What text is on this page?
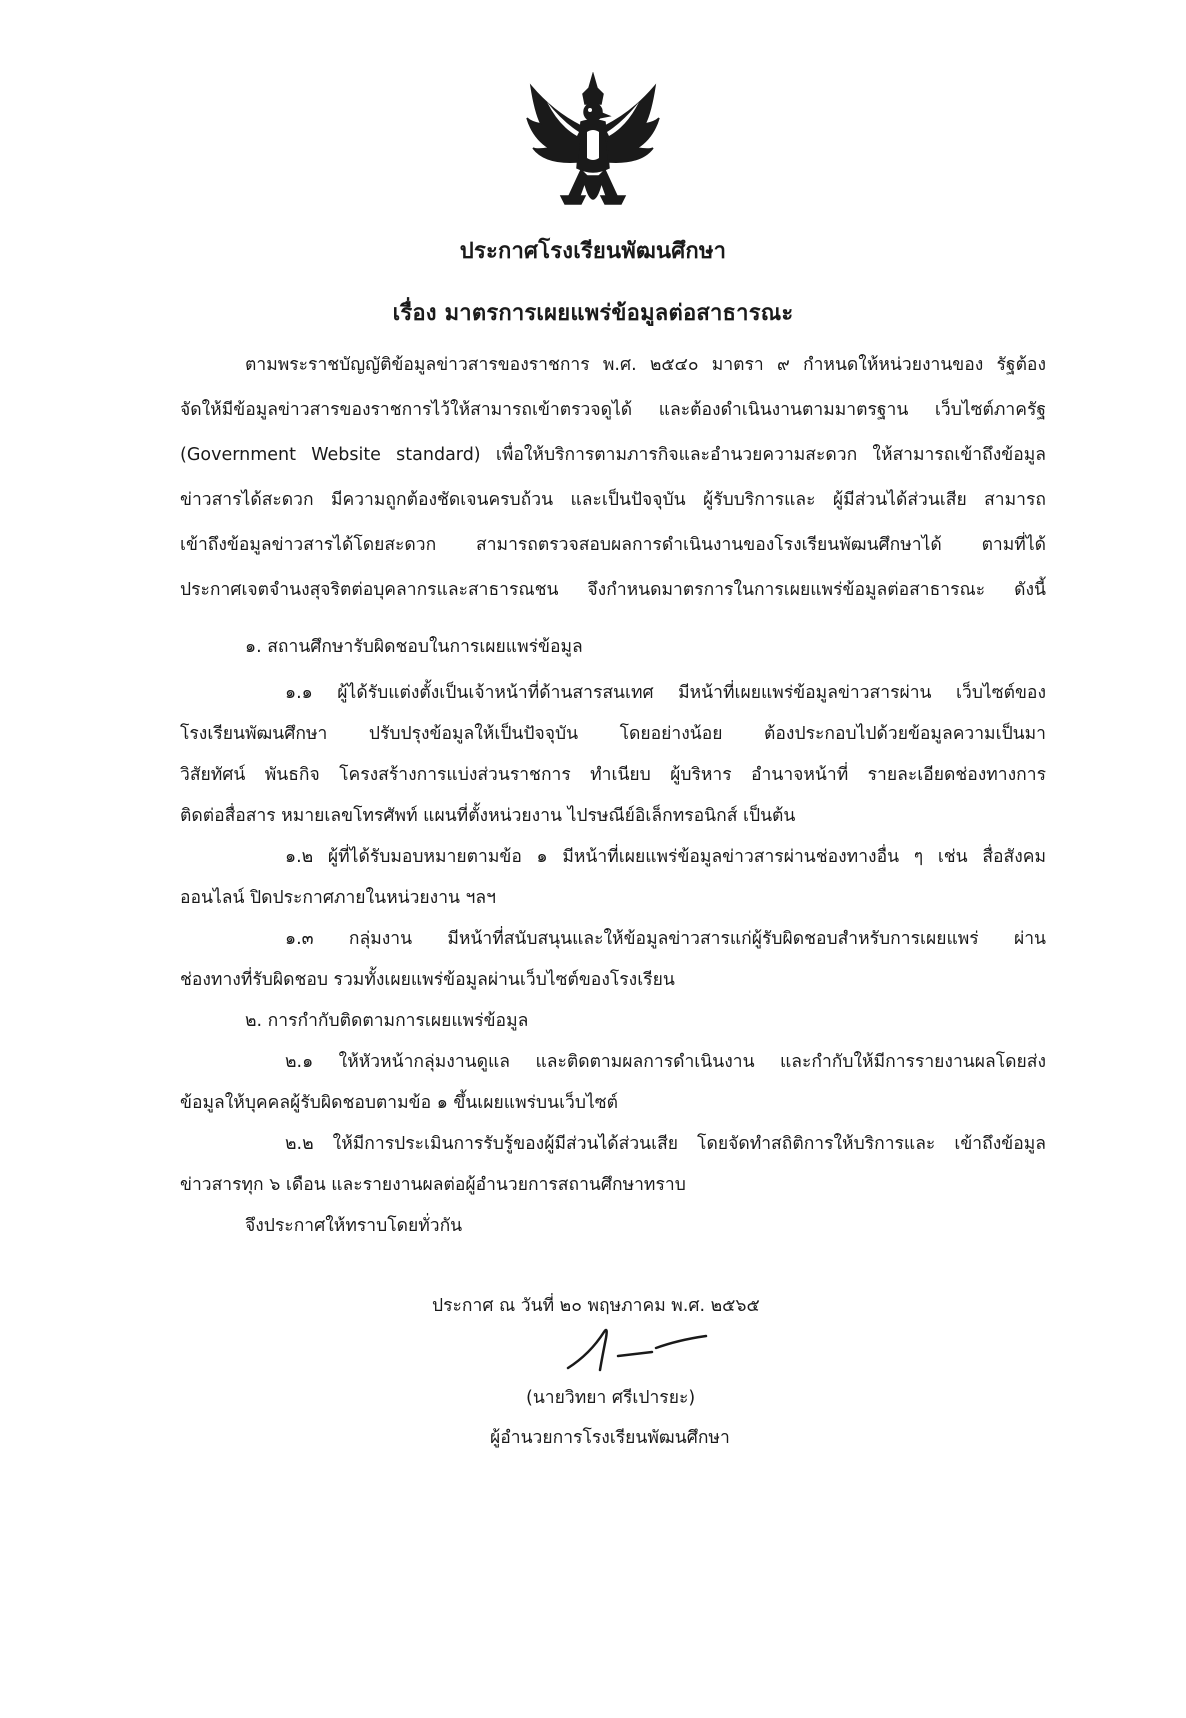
ประกาศโรงเรียนพัฒนศึกษา
เรื่อง มาตรการเผยแพร่ข้อมูลต่อสาธารณะ
ตามพระราชบัญญัติข้อมูลข่าวสารของราชการ พ.ศ. ๒๕๔๐ มาตรา ๙ กำหนดให้หน่วยงานของ รัฐต้อง
จัดให้มีข้อมูลข่าวสารของราชการไว้ให้สามารถเข้าตรวจดูได้ และต้องดำเนินงานตามมาตรฐาน เว็บไซต์ภาครัฐ
(Government Website standard) เพื่อให้บริการตามภารกิจและอำนวยความสะดวก ให้สามารถเข้าถึงข้อมูล
ข่าวสารได้สะดวก มีความถูกต้องชัดเจนครบถ้วน และเป็นปัจจุบัน ผู้รับบริการและ ผู้มีส่วนได้ส่วนเสีย สามารถ
เข้าถึงข้อมูลข่าวสารได้โดยสะดวก สามารถตรวจสอบผลการดำเนินงานของโรงเรียนพัฒนศึกษาได้ ตามที่ได้
ประกาศเจตจำนงสุจริตต่อบุคลากรและสาธารณชน จึงกำหนดมาตรการในการเผยแพร่ข้อมูลต่อสาธารณะ ดังนี้
๑. สถานศึกษารับผิดชอบในการเผยแพร่ข้อมูล
๑.๑ ผู้ได้รับแต่งตั้งเป็นเจ้าหน้าที่ด้านสารสนเทศ มีหน้าที่เผยแพร่ข้อมูลข่าวสารผ่าน เว็บไซต์ของ
โรงเรียนพัฒนศึกษา ปรับปรุงข้อมูลให้เป็นปัจจุบัน โดยอย่างน้อย ต้องประกอบไปด้วยข้อมูลความเป็นมา
วิสัยทัศน์ พันธกิจ โครงสร้างการแบ่งส่วนราชการ ทำเนียบ ผู้บริหาร อำนาจหน้าที่ รายละเอียดช่องทางการ
ติดต่อสื่อสาร หมายเลขโทรศัพท์ แผนที่ตั้งหน่วยงาน ไปรษณีย์อิเล็กทรอนิกส์ เป็นต้น
๑.๒ ผู้ที่ได้รับมอบหมายตามข้อ ๑ มีหน้าที่เผยแพร่ข้อมูลข่าวสารผ่านช่องทางอื่น ๆ เช่น สื่อสังคม
ออนไลน์ ปิดประกาศภายในหน่วยงาน ฯลฯ
๑.๓ กลุ่มงาน มีหน้าที่สนับสนุนและให้ข้อมูลข่าวสารแก่ผู้รับผิดชอบสำหรับการเผยแพร่ ผ่าน
ช่องทางที่รับผิดชอบ รวมทั้งเผยแพร่ข้อมูลผ่านเว็บไซต์ของโรงเรียน
๒. การกำกับติดตามการเผยแพร่ข้อมูล
๒.๑ ให้หัวหน้ากลุ่มงานดูแล และติดตามผลการดำเนินงาน และกำกับให้มีการรายงานผลโดยส่ง
ข้อมูลให้บุคคลผู้รับผิดชอบตามข้อ ๑ ขึ้นเผยแพร่บนเว็บไซต์
๒.๒ ให้มีการประเมินการรับรู้ของผู้มีส่วนได้ส่วนเสีย โดยจัดทำสถิติการให้บริการและ เข้าถึงข้อมูล
ข่าวสารทุก ๖ เดือน และรายงานผลต่อผู้อำนวยการสถานศึกษาทราบ
จึงประกาศให้ทราบโดยทั่วกัน
ประกาศ ณ วันที่ ๒๐ พฤษภาคม พ.ศ. ๒๕๖๕
(นายวิทยา ศรีเปารยะ)
ผู้อำนวยการโรงเรียนพัฒนศึกษา
